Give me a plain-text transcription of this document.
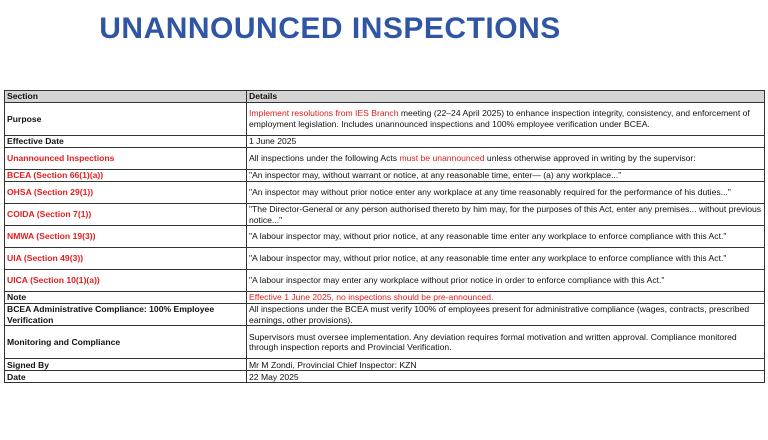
UNANNOUNCED INSPECTIONS
Section	Details
Purpose	Implement resolutions from IES Branch meeting (22–24 April 2025) to enhance inspection integrity, consistency, and enforcement of employment legislation. Includes unannounced inspections and 100% employee verification under BCEA.
Effective Date	1 June 2025
Unannounced Inspections	All inspections under the following Acts must be unannounced unless otherwise approved in writing by the supervisor:
BCEA (Section 66(1)(a))	"An inspector may, without warrant or notice, at any reasonable time, enter— (a) any workplace..."
OHSA (Section 29(1))	"An inspector may without prior notice enter any workplace at any time reasonably required for the performance of his duties..."
COIDA (Section 7(1))	"The Director-General or any person authorised thereto by him may, for the purposes of this Act, enter any premises... without previous notice..."
NMWA (Section 19(3))	"A labour inspector may, without prior notice, at any reasonable time enter any workplace to enforce compliance with this Act."
UIA (Section 49(3))	"A labour inspector may, without prior notice, at any reasonable time enter any workplace to enforce compliance with this Act."
UICA (Section 10(1)(a))	"A labour inspector may enter any workplace without prior notice in order to enforce compliance with this Act."
Note	Effective 1 June 2025, no inspections should be pre-announced.
BCEA Administrative Compliance: 100% Employee Verification	All inspections under the BCEA must verify 100% of employees present for administrative compliance (wages, contracts, prescribed earnings, other provisions).
Monitoring and Compliance	Supervisors must oversee implementation. Any deviation requires formal motivation and written approval. Compliance monitored through inspection reports and Provincial Verification.
Signed By	Mr M Zondi, Provincial Chief Inspector: KZN
Date	22 May 2025
